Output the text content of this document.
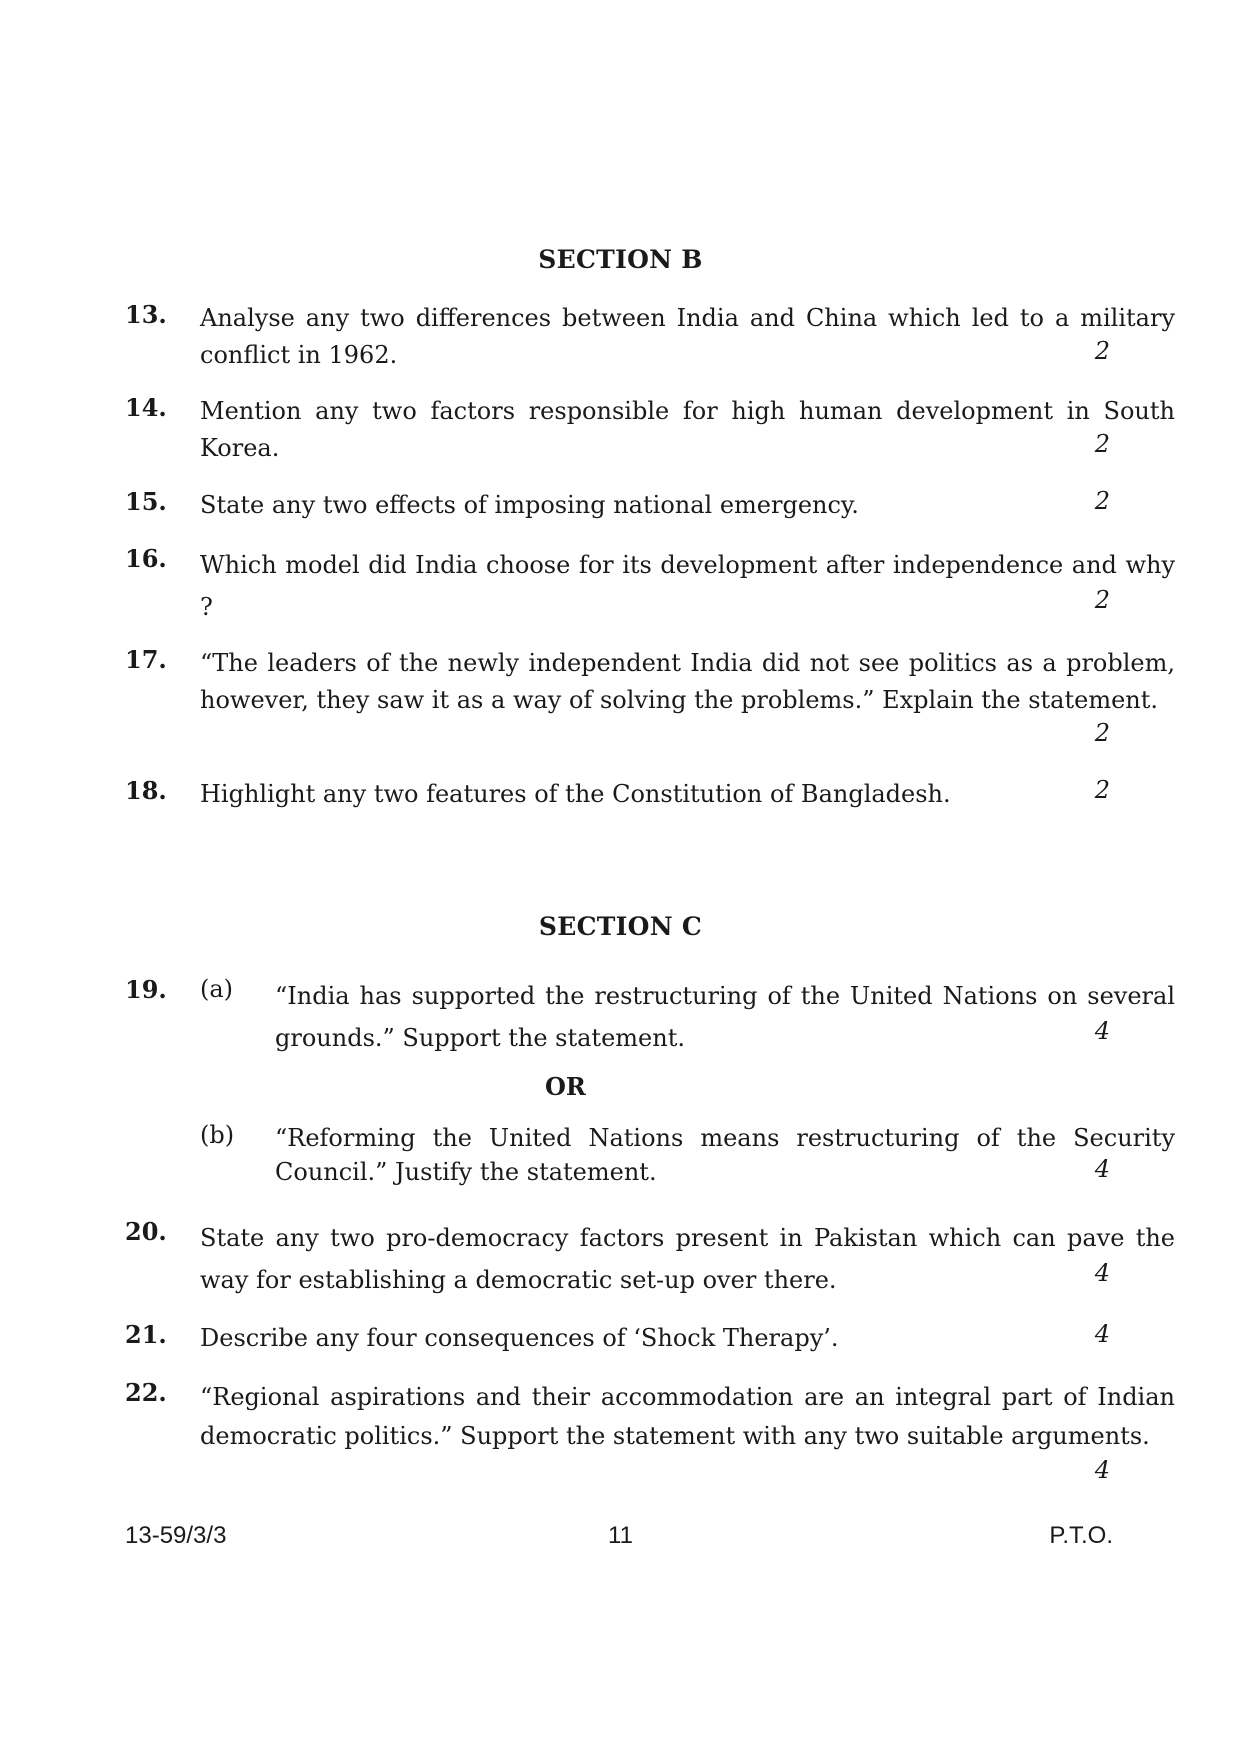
SECTION B
13. Analyse any two differences between India and China which led to a military conflict in 1962.	2
14. Mention any two factors responsible for high human development in South Korea.	2
15. State any two effects of imposing national emergency.	2
16. Which model did India choose for its development after independence and why ?	2
17. “The leaders of the newly independent India did not see politics as a problem, however, they saw it as a way of solving the problems.” Explain the statement.
2
18. Highlight any two features of the Constitution of Bangladesh.	2
SECTION C
19. (a) “India has supported the restructuring of the United Nations on several grounds.” Support the statement.	4
OR
(b) “Reforming the United Nations means restructuring of the Security Council.” Justify the statement.	4
20. State any two pro-democracy factors present in Pakistan which can pave the way for establishing a democratic set-up over there.	4
21. Describe any four consequences of ‘Shock Therapy’.	4
22. “Regional aspirations and their accommodation are an integral part of Indian democratic politics.” Support the statement with any two suitable arguments.
4
13-59/3/3	11	P.T.O.
